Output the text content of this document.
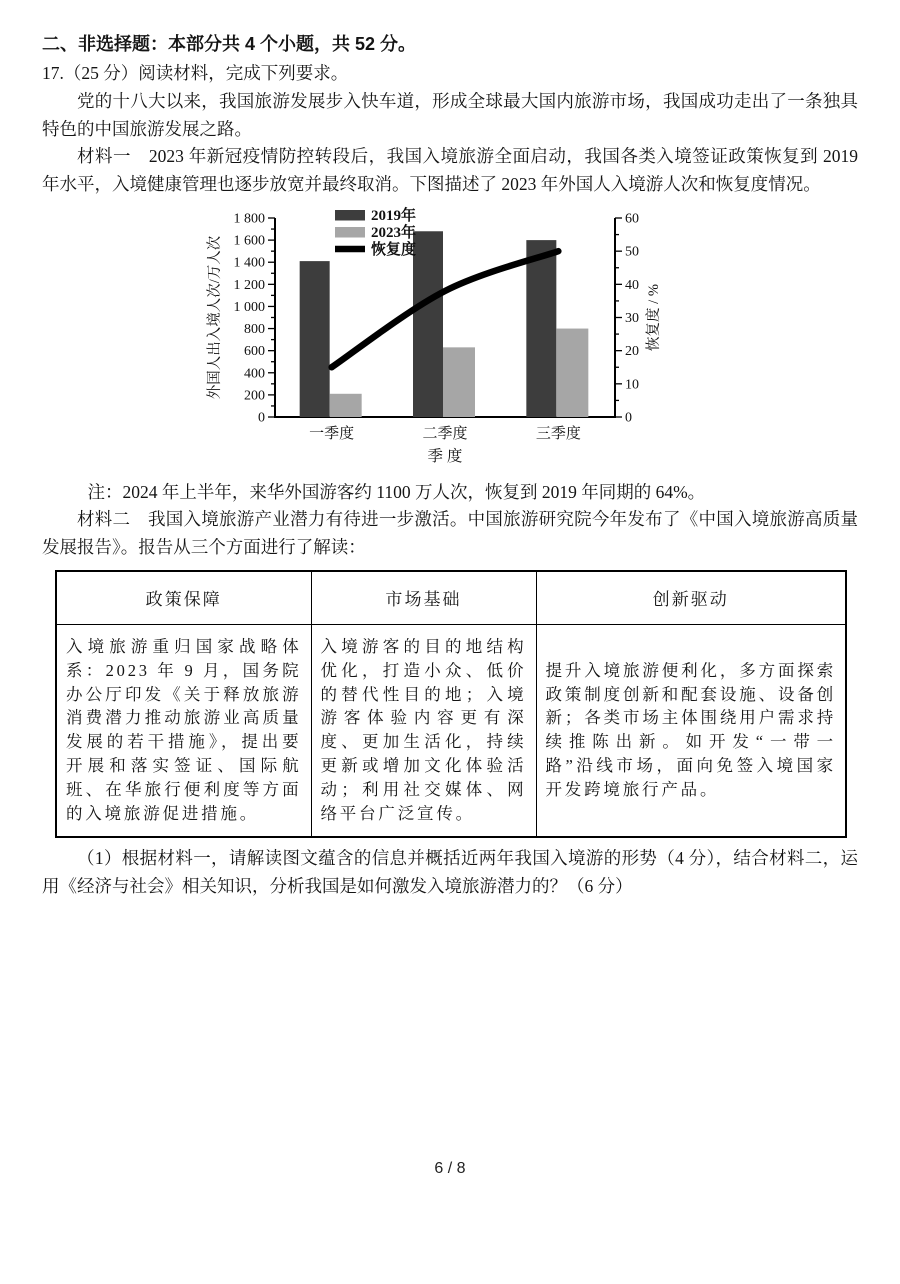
二、非选择题：本部分共 4 个小题，共 52 分。

17.（25 分）阅读材料，完成下列要求。

党的十八大以来，我国旅游发展步入快车道，形成全球最大国内旅游市场，我国成功走出了一条独具特色的中国旅游发展之路。

材料一　2023 年新冠疫情防控转段后，我国入境旅游全面启动，我国各类入境签证政策恢复到 2019 年水平，入境健康管理也逐步放宽并最终取消。下图描述了 2023 年外国人入境游人次和恢复度情况。

0
200
400
600
800
1 000
1 200
1 400
1 600
1 800
0
10
20
30
40
50
60
一季度	二季度	三季度
外国人出入境人次/万人次	恢复度 / %
季 度
2019年
2023年
恢复度

注：2024 年上半年，来华外国游客约 1100 万人次，恢复到 2019 年同期的 64%。

材料二　我国入境旅游产业潜力有待进一步激活。中国旅游研究院今年发布了《中国入境旅游高质量发展报告》。报告从三个方面进行了解读：

政策保障	市场基础	创新驱动
入境旅游重归国家战略体系：2023 年 9 月，国务院办公厅印发《关于释放旅游消费潜力推动旅游业高质量发展的若干措施》，提出要开展和落实签证、国际航班、在华旅行便利度等方面的入境旅游促进措施。	入境游客的目的地结构优化，打造小众、低价的替代性目的地；入境游客体验内容更有深度、更加生活化，持续更新或增加文化体验活动；利用社交媒体、网络平台广泛宣传。	提升入境旅游便利化，多方面探索政策制度创新和配套设施、设备创新；各类市场主体围绕用户需求持续推陈出新。如开发“一带一路”沿线市场，面向免签入境国家开发跨境旅行产品。

（1）根据材料一，请解读图文蕴含的信息并概括近两年我国入境游的形势（4 分），结合材料二，运用《经济与社会》相关知识，分析我国是如何激发入境旅游潜力的？（6 分）

6 / 8
